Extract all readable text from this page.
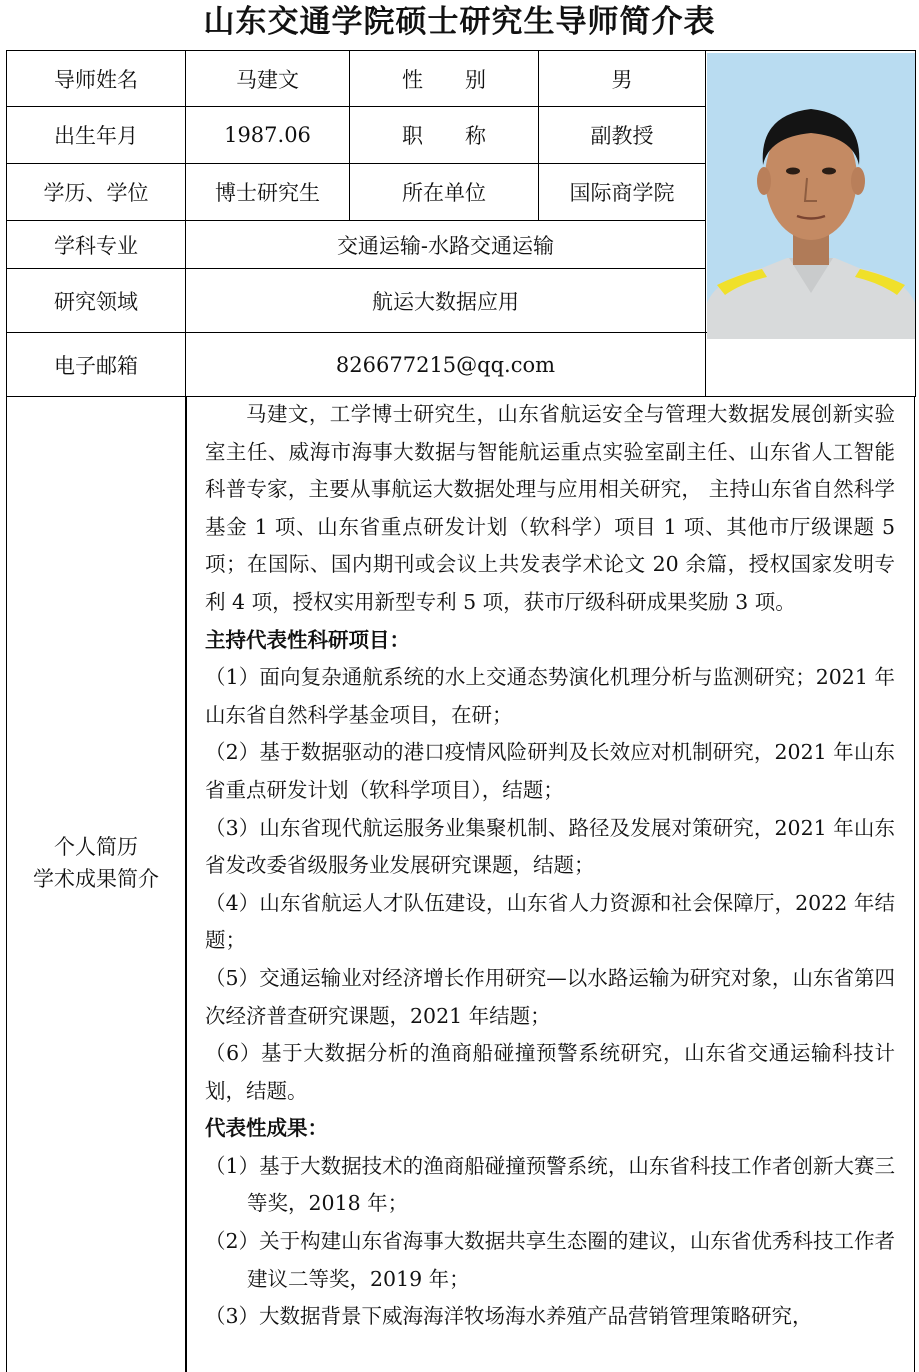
山东交通学院硕士研究生导师简介表
导师姓名	马建文	性　　别	男	

出生年月	1987.06	职　　称	副教授	
学历、学位	博士研究生	所在单位	国际商学院	
学科专业	交通运输-水路交通运输			
研究领域	航运大数据应用			
电子邮箱	826677215@qq.com			
个人简历
学术成果简介

马建文，工学博士研究生，山东省航运安全与管理大数据发展创新实验室主任、威海市海事大数据与智能航运重点实验室副主任、山东省人工智能科普专家，主要从事航运大数据处理与应用相关研究， 主持山东省自然科学基金 1 项、山东省重点研发计划（软科学）项目 1 项、其他市厅级课题 5 项；在国际、国内期刊或会议上共发表学术论文 20 余篇，授权国家发明专利 4 项，授权实用新型专利 5 项，获市厅级科研成果奖励 3 项。

主持代表性科研项目：

（1）面向复杂通航系统的水上交通态势演化机理分析与监测研究；2021 年山东省自然科学基金项目，在研；

（2）基于数据驱动的港口疫情风险研判及长效应对机制研究，2021 年山东省重点研发计划（软科学项目），结题；

（3）山东省现代航运服务业集聚机制、路径及发展对策研究，2021 年山东省发改委省级服务业发展研究课题，结题；

（4）山东省航运人才队伍建设，山东省人力资源和社会保障厅，2022 年结题；

（5）交通运输业对经济增长作用研究—以水路运输为研究对象，山东省第四次经济普查研究课题，2021 年结题；

（6）基于大数据分析的渔商船碰撞预警系统研究，山东省交通运输科技计划，结题。

代表性成果：

（1）基于大数据技术的渔商船碰撞预警系统，山东省科技工作者创新大赛三等奖，2018 年；

（2）关于构建山东省海事大数据共享生态圈的建议，山东省优秀科技工作者建议二等奖，2019 年；

（3）大数据背景下威海海洋牧场海水养殖产品营销管理策略研究，
